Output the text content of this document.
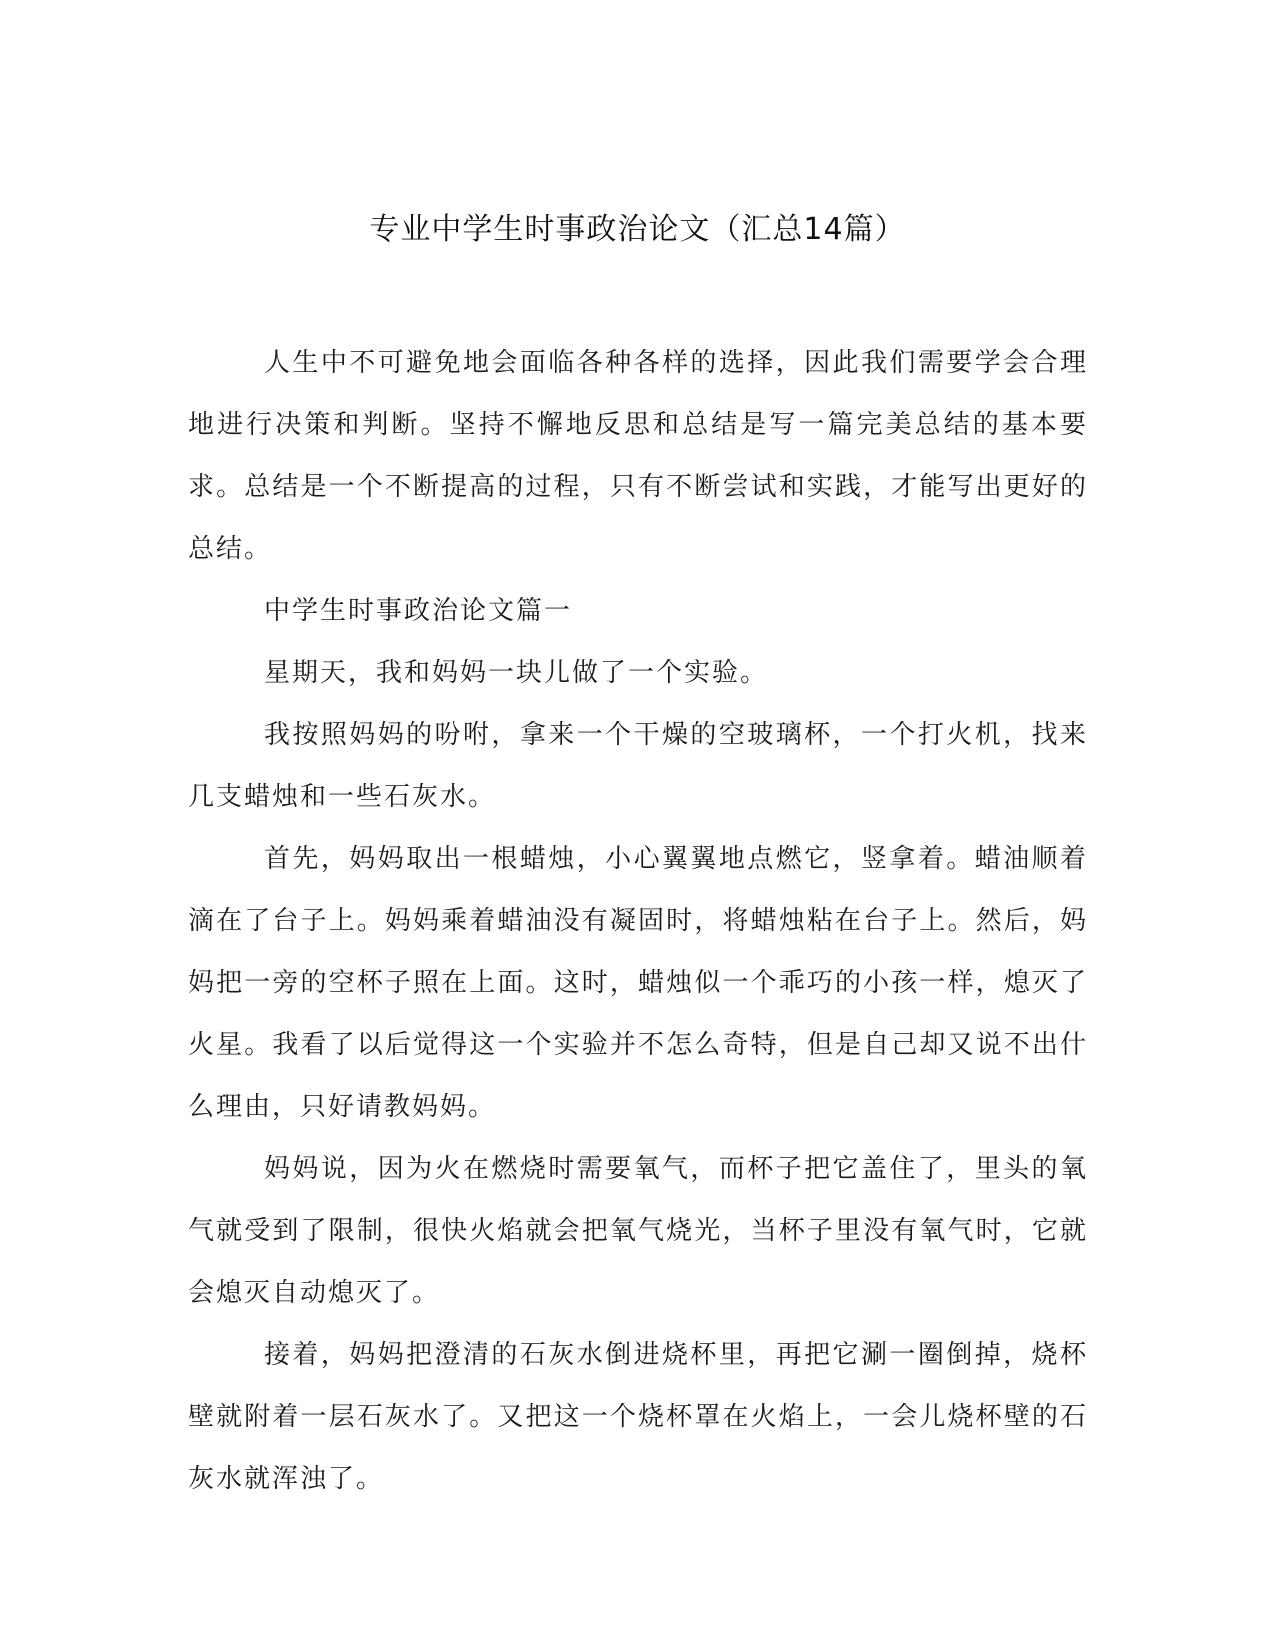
专业中学生时事政治论文（汇总14篇）

人生中不可避免地会面临各种各样的选择，因此我们需要学会合理地进行决策和判断。坚持不懈地反思和总结是写一篇完美总结的基本要求。总结是一个不断提高的过程，只有不断尝试和实践，才能写出更好的总结。

中学生时事政治论文篇一

星期天，我和妈妈一块儿做了一个实验。

我按照妈妈的吩咐，拿来一个干燥的空玻璃杯，一个打火机，找来几支蜡烛和一些石灰水。

首先，妈妈取出一根蜡烛，小心翼翼地点燃它，竖拿着。蜡油顺着滴在了台子上。妈妈乘着蜡油没有凝固时，将蜡烛粘在台子上。然后，妈妈把一旁的空杯子照在上面。这时，蜡烛似一个乖巧的小孩一样，熄灭了火星。我看了以后觉得这一个实验并不怎么奇特，但是自己却又说不出什么理由，只好请教妈妈。

妈妈说，因为火在燃烧时需要氧气，而杯子把它盖住了，里头的氧气就受到了限制，很快火焰就会把氧气烧光，当杯子里没有氧气时，它就会熄灭自动熄灭了。

接着，妈妈把澄清的石灰水倒进烧杯里，再把它涮一圈倒掉，烧杯壁就附着一层石灰水了。又把这一个烧杯罩在火焰上，一会儿烧杯壁的石灰水就浑浊了。
